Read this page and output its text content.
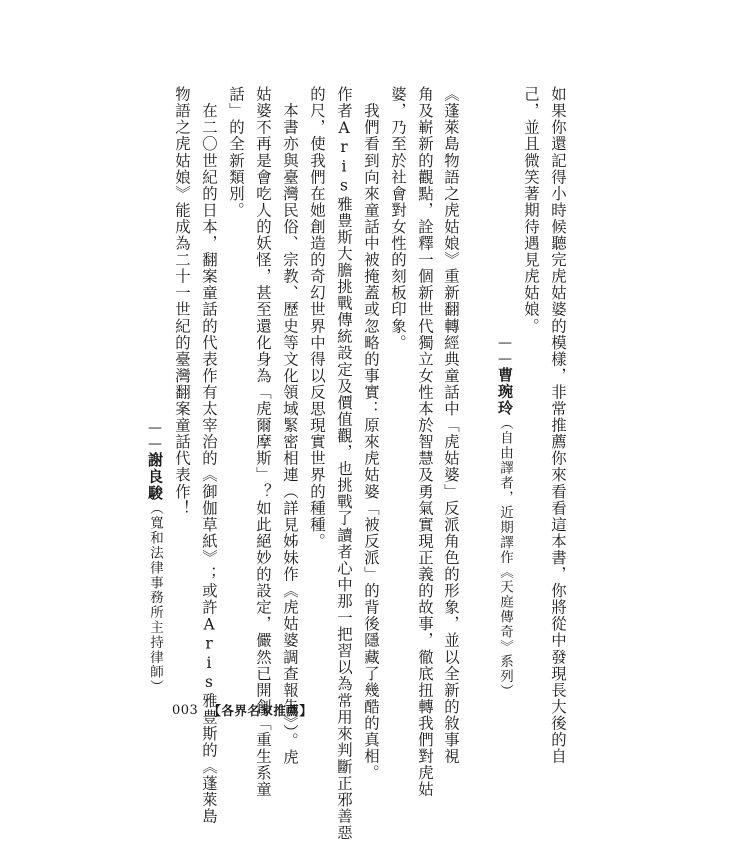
如果你還記得小時候聽完虎姑婆的模樣，非常推薦你來看看這本書，你將從中發現長大後的自
己，並且微笑著期待遇見虎姑娘。
——曹琬玲（自由譯者，近期譯作《天庭傳奇》系列）
《蓬萊島物語之虎姑娘》重新翻轉經典童話中「虎姑婆」反派角色的形象，並以全新的敘事視
角及嶄新的觀點，詮釋一個新世代獨立女性本於智慧及勇氣實現正義的故事，徹底扭轉我們對虎姑
婆，乃至於社會對女性的刻板印象。
　我們看到向來童話中被掩蓋或忽略的事實：原來虎姑婆「被反派」的背後隱藏了幾酷的真相。
作者Aris雅豊斯大膽挑戰傳統設定及價值觀，也挑戰了讀者心中那一把習以為常用來判斷正邪善惡
的尺，使我們在她創造的奇幻世界中得以反思現實世界的種種。
　本書亦與臺灣民俗、宗教、歷史等文化領域緊密相連（詳見姊妹作《虎姑婆調查報告》）。虎
姑婆不再是會吃人的妖怪，甚至還化身為「虎爾摩斯」？如此絕妙的設定，儼然已開創「重生系童
話」的全新類別。
　在二〇世紀的日本，翻案童話的代表作有太宰治的《御伽草紙》；或許Aris雅豊斯的《蓬萊島
物語之虎姑娘》能成為二十一世紀的臺灣翻案童話代表作！
——謝良駿（寬和法律事務所主持律師）
003 【各界名家推薦】
